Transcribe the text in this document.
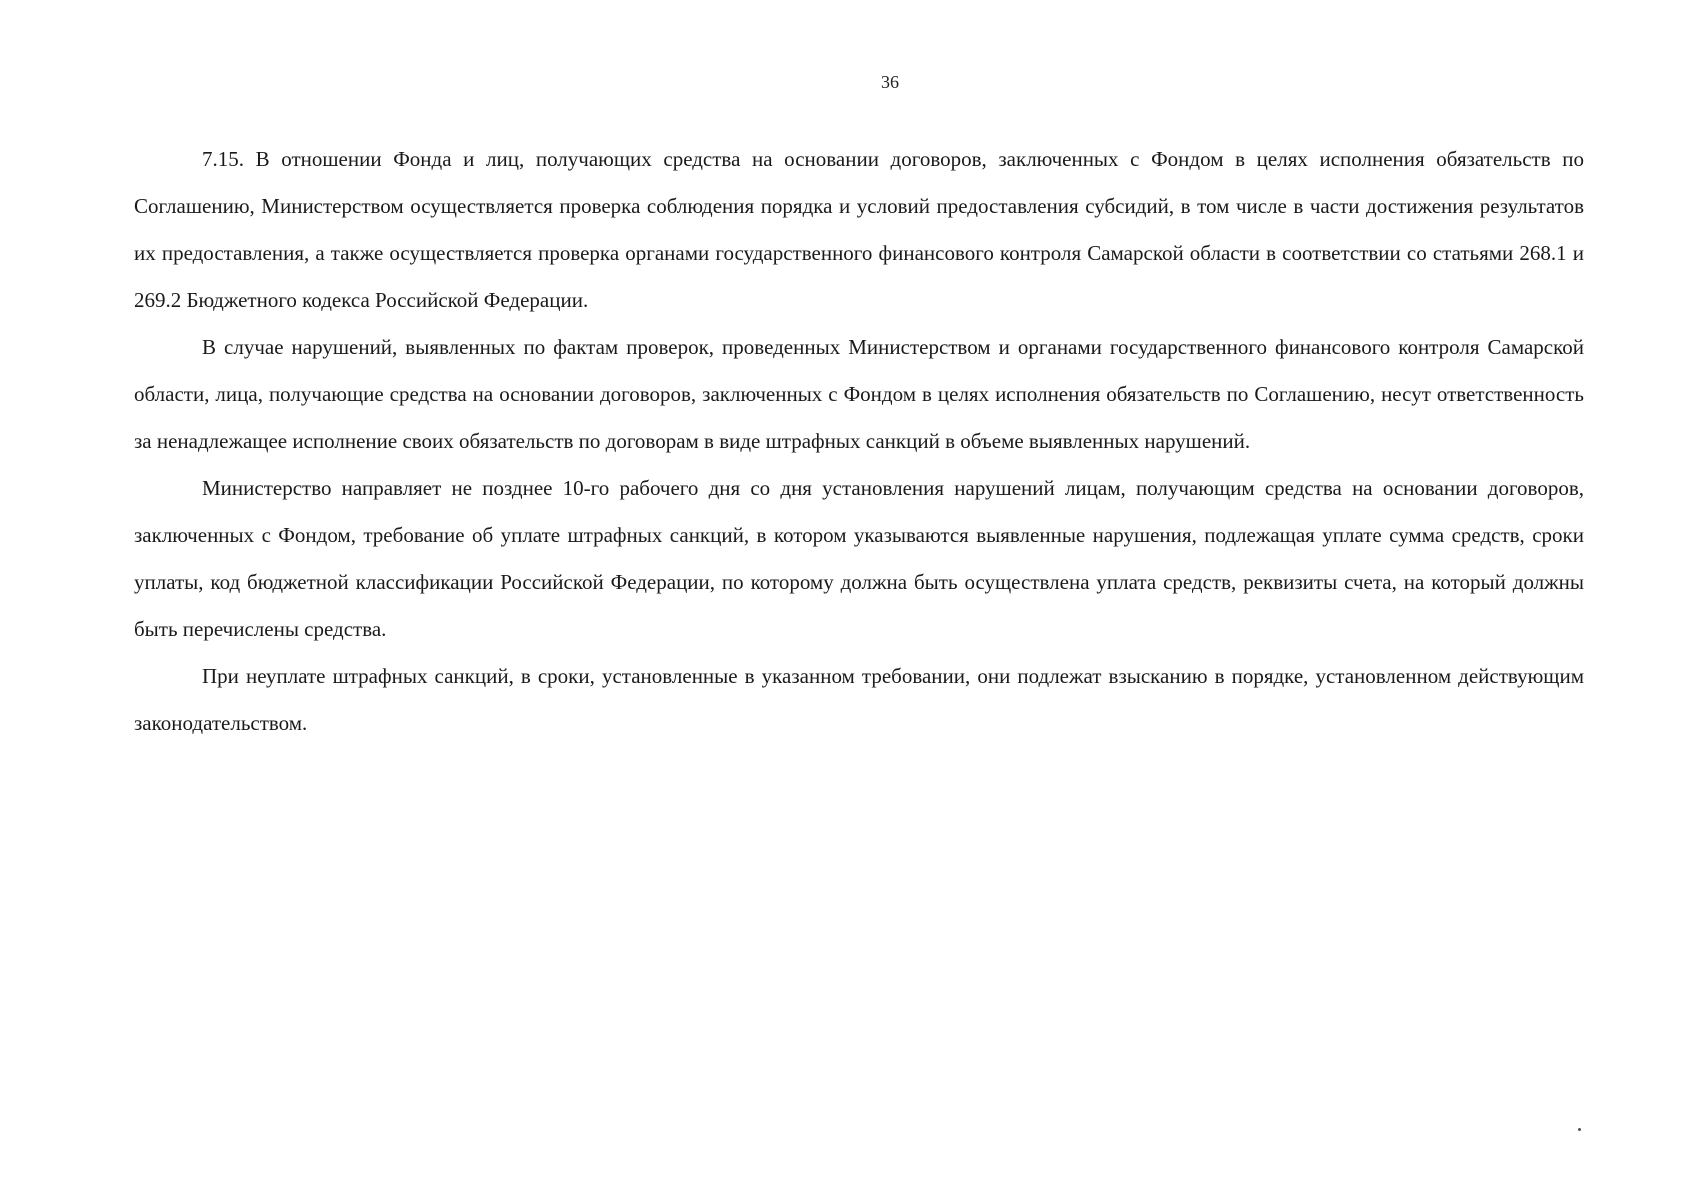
36

7.15. В отношении Фонда и лиц, получающих средства на основании договоров, заключенных с Фондом в целях исполнения обязательств по Соглашению, Министерством осуществляется проверка соблюдения порядка и условий предоставления субсидий, в том числе в части достижения результатов их предоставления, а также осуществляется проверка органами государственного финансового контроля Самарской области в соответствии со статьями 268.1 и 269.2 Бюджетного кодекса Российской Федерации.

В случае нарушений, выявленных по фактам проверок, проведенных Министерством и органами государственного финансового контроля Самарской области, лица, получающие средства на основании договоров, заключенных с Фондом в целях исполнения обязательств по Соглашению, несут ответственность за ненадлежащее исполнение своих обязательств по договорам в виде штрафных санкций в объеме выявленных нарушений.

Министерство направляет не позднее 10-го рабочего дня со дня установления нарушений лицам, получающим средства на основании договоров, заключенных с Фондом, требование об уплате штрафных санкций, в котором указываются выявленные нарушения, подлежащая уплате сумма средств, сроки уплаты, код бюджетной классификации Российской Федерации, по которому должна быть осуществлена уплата средств, реквизиты счета, на который должны быть перечислены средства.

При неуплате штрафных санкций, в сроки, установленные в указанном требовании, они подлежат взысканию в порядке, установленном действующим законодательством.
